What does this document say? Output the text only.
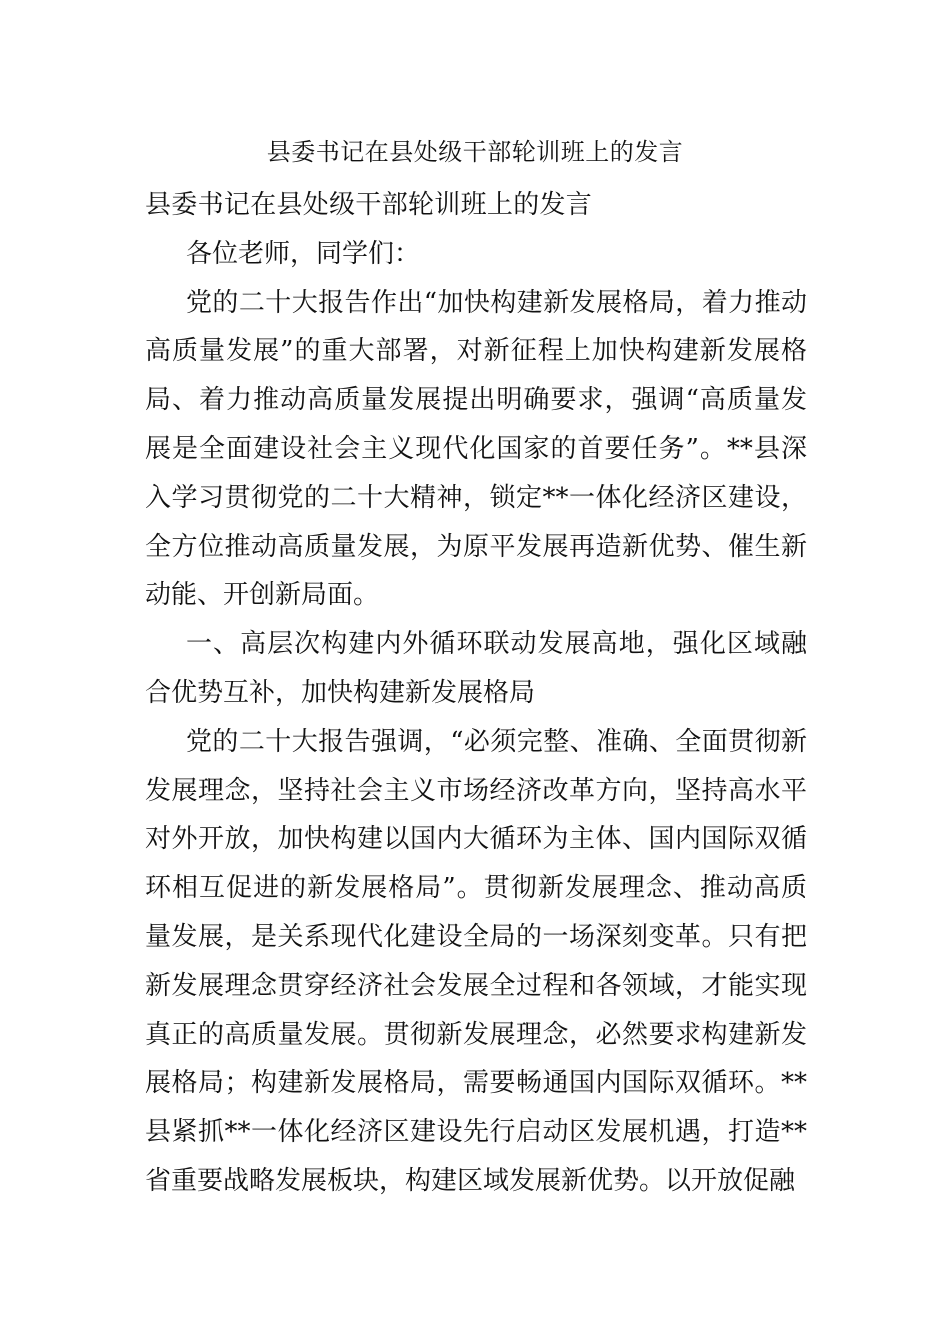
县委书记在县处级干部轮训班上的发言

县委书记在县处级干部轮训班上的发言

各位老师，同学们：

党的二十大报告作出“加快构建新发展格局，着力推动高质量发展”的重大部署，对新征程上加快构建新发展格局、着力推动高质量发展提出明确要求，强调“高质量发展是全面建设社会主义现代化国家的首要任务”。**县深入学习贯彻党的二十大精神，锁定**一体化经济区建设，全方位推动高质量发展，为原平发展再造新优势、催生新动能、开创新局面。

一、高层次构建内外循环联动发展高地，强化区域融合优势互补，加快构建新发展格局

党的二十大报告强调，“必须完整、准确、全面贯彻新发展理念，坚持社会主义市场经济改革方向，坚持高水平对外开放，加快构建以国内大循环为主体、国内国际双循环相互促进的新发展格局”。贯彻新发展理念、推动高质量发展，是关系现代化建设全局的一场深刻变革。只有把新发展理念贯穿经济社会发展全过程和各领域，才能实现真正的高质量发展。贯彻新发展理念，必然要求构建新发展格局；构建新发展格局，需要畅通国内国际双循环。**县紧抓**一体化经济区建设先行启动区发展机遇，打造**省重要战略发展板块，构建区域发展新优势。以开放促融
